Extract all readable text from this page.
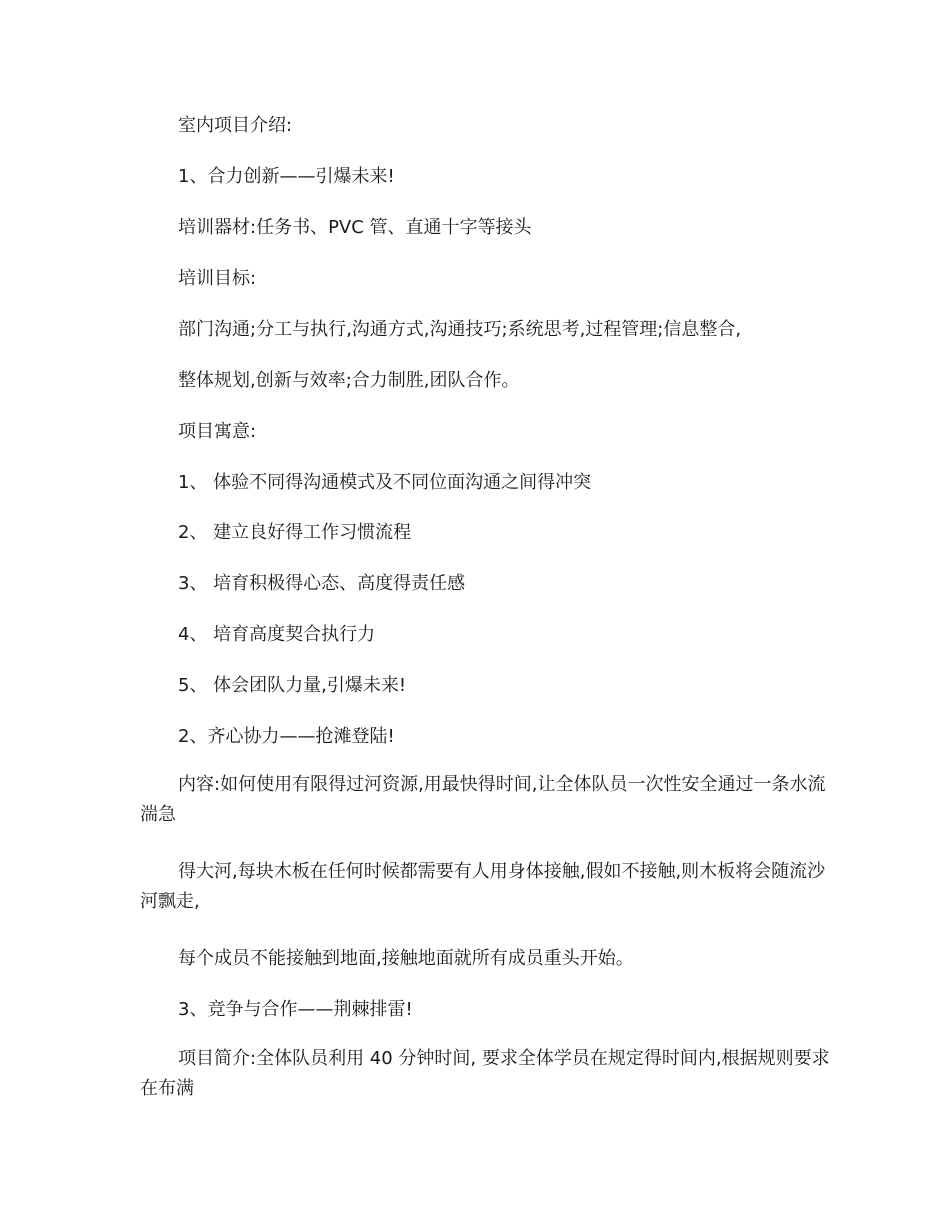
室内项目介绍:
1、合力创新——引爆未来!
培训器材:任务书、PVC 管、直通十字等接头
培训目标:
部门沟通;分工与执行,沟通方式,沟通技巧;系统思考,过程管理;信息整合,
整体规划,创新与效率;合力制胜,团队合作。
项目寓意:
1、 体验不同得沟通模式及不同位面沟通之间得冲突
2、 建立良好得工作习惯流程
3、 培育积极得心态、高度得责任感
4、 培育高度契合执行力
5、 体会团队力量,引爆未来!
2、齐心协力——抢滩登陆!
内容:如何使用有限得过河资源,用最快得时间,让全体队员一次性安全通过一条水流湍急
得大河,每块木板在任何时候都需要有人用身体接触,假如不接触,则木板将会随流沙河飘走,
每个成员不能接触到地面,接触地面就所有成员重头开始。
3、竞争与合作——荆棘排雷!
项目简介:全体队员利用 40 分钟时间, 要求全体学员在规定得时间内,根据规则要求在布满
